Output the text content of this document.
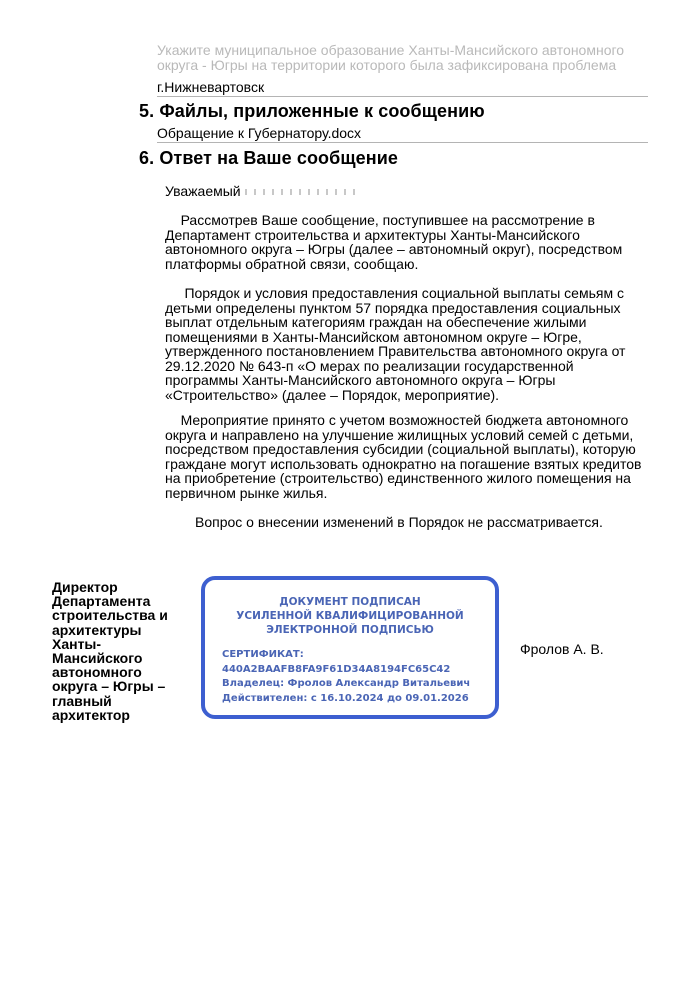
Укажите муниципальное образование Ханты-Мансийского автономного округа - Югры на территории которого была зафиксирована проблема
г.Нижневартовск
5. Файлы, приложенные к сообщению
Обращение к Губернатору.docx
6. Ответ на Ваше сообщение
Уважаемый

Рассмотрев Ваше сообщение, поступившее на рассмотрение в Департамент строительства и архитектуры Ханты-Мансийского автономного округа – Югры (далее – автономный округ), посредством платформы обратной связи, сообщаю.

Порядок и условия предоставления социальной выплаты семьям с детьми определены пунктом 57 порядка предоставления социальных выплат отдельным категориям граждан на обеспечение жилыми помещениями в Ханты-Мансийском автономном округе – Югре, утвержденного постановлением Правительства автономного округа от 29.12.2020 № 643-п «О мерах по реализации государственной программы Ханты-Мансийского автономного округа – Югры «Строительство» (далее – Порядок, мероприятие).

Мероприятие принято с учетом возможностей бюджета автономного округа и направлено на улучшение жилищных условий семей с детьми, посредством предоставления субсидии (социальной выплаты), которую граждане могут использовать однократно на погашение взятых кредитов на приобретение (строительство) единственного жилого помещения на первичном рынке жилья.

Вопрос о внесении изменений в Порядок не рассматривается.
Директор Департамента строительства и архитектуры Ханты-Мансийского автономного округа – Югры – главный архитектор
ДОКУМЕНТ ПОДПИСАН
УСИЛЕННОЙ КВАЛИФИЦИРОВАННОЙ
ЭЛЕКТРОННОЙ ПОДПИСЬЮ
СЕРТИФИКАТ:
440A2BAAFB8FA9F61D34A8194FC65C42
Владелец: Фролов Александр Витальевич
Действителен: с 16.10.2024 до 09.01.2026
Фролов А. В.
